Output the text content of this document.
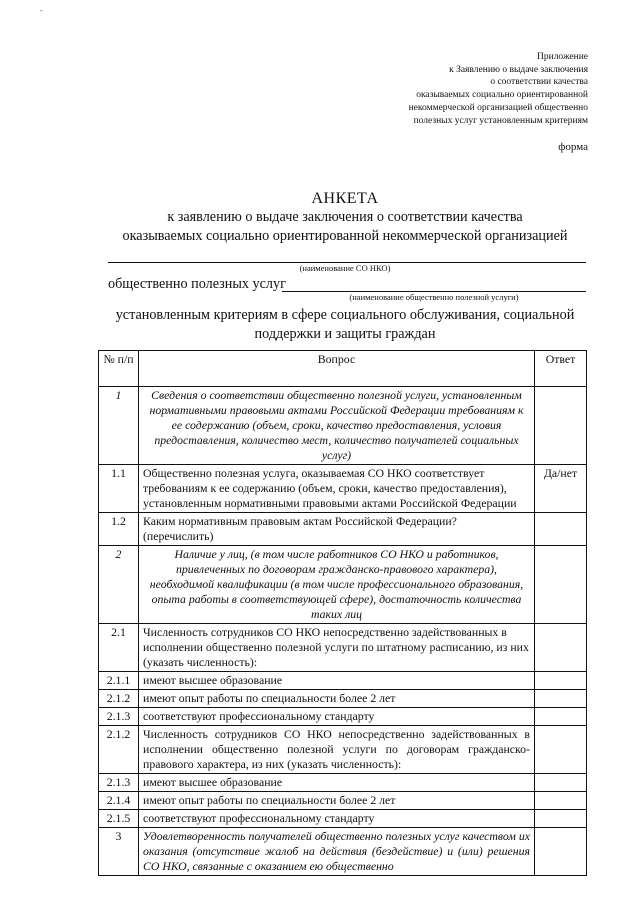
-
Приложение
к Заявлению о выдаче заключения
о соответствии качества
оказываемых социально ориентированной
некоммерческой организацией общественно
полезных услуг установленным критериям
форма
АНКЕТА
к заявлению о выдаче заключения о соответствии качества
оказываемых социально ориентированной некоммерческой организацией
(наименование СО НКО)
общественно полезных услуг
(наименование общественно полезной услуги)
установленным критериям в сфере социального обслуживания, социальной
поддержки и защиты граждан
№ п/п	Вопрос	Ответ
1	Сведения о соответствии общественно полезной услуги, установленным нормативными правовыми актами Российской Федерации требованиям к ее содержанию (объем, сроки, качество предоставления, условия предоставления, количество мест, количество получателей социальных услуг)	
1.1	Общественно полезная услуга, оказываемая СО НКО соответствует требованиям к ее содержанию (объем, сроки, качество предоставления), установленным нормативными правовыми актами Российской Федерации	Да/нет
1.2	Каким нормативным правовым актам Российской Федерации? (перечислить)	
2	Наличие у лиц, (в том числе работников СО НКО и работников, привлеченных по договорам гражданско-правового характера), необходимой квалификации (в том числе профессионального образования, опыта работы в соответствующей сфере), достаточность количества таких лиц	
2.1	Численность сотрудников СО НКО непосредственно задействованных в исполнении общественно полезной услуги по штатному расписанию, из них (указать численность):	
2.1.1	имеют высшее образование	
2.1.2	имеют опыт работы по специальности более 2 лет	
2.1.3	соответствуют профессиональному стандарту	
2.1.2	Численность сотрудников СО НКО непосредственно задействованных в исполнении общественно полезной услуги по договорам гражданско-правового характера, из них (указать численность):	
2.1.3	имеют высшее образование	
2.1.4	имеют опыт работы по специальности более 2 лет	
2.1.5	соответствуют профессиональному стандарту	
3	Удовлетворенность получателей общественно полезных услуг качеством их оказания (отсутствие жалоб на действия (бездействие) и (или) решения СО НКО, связанные с оказанием ею общественно	
